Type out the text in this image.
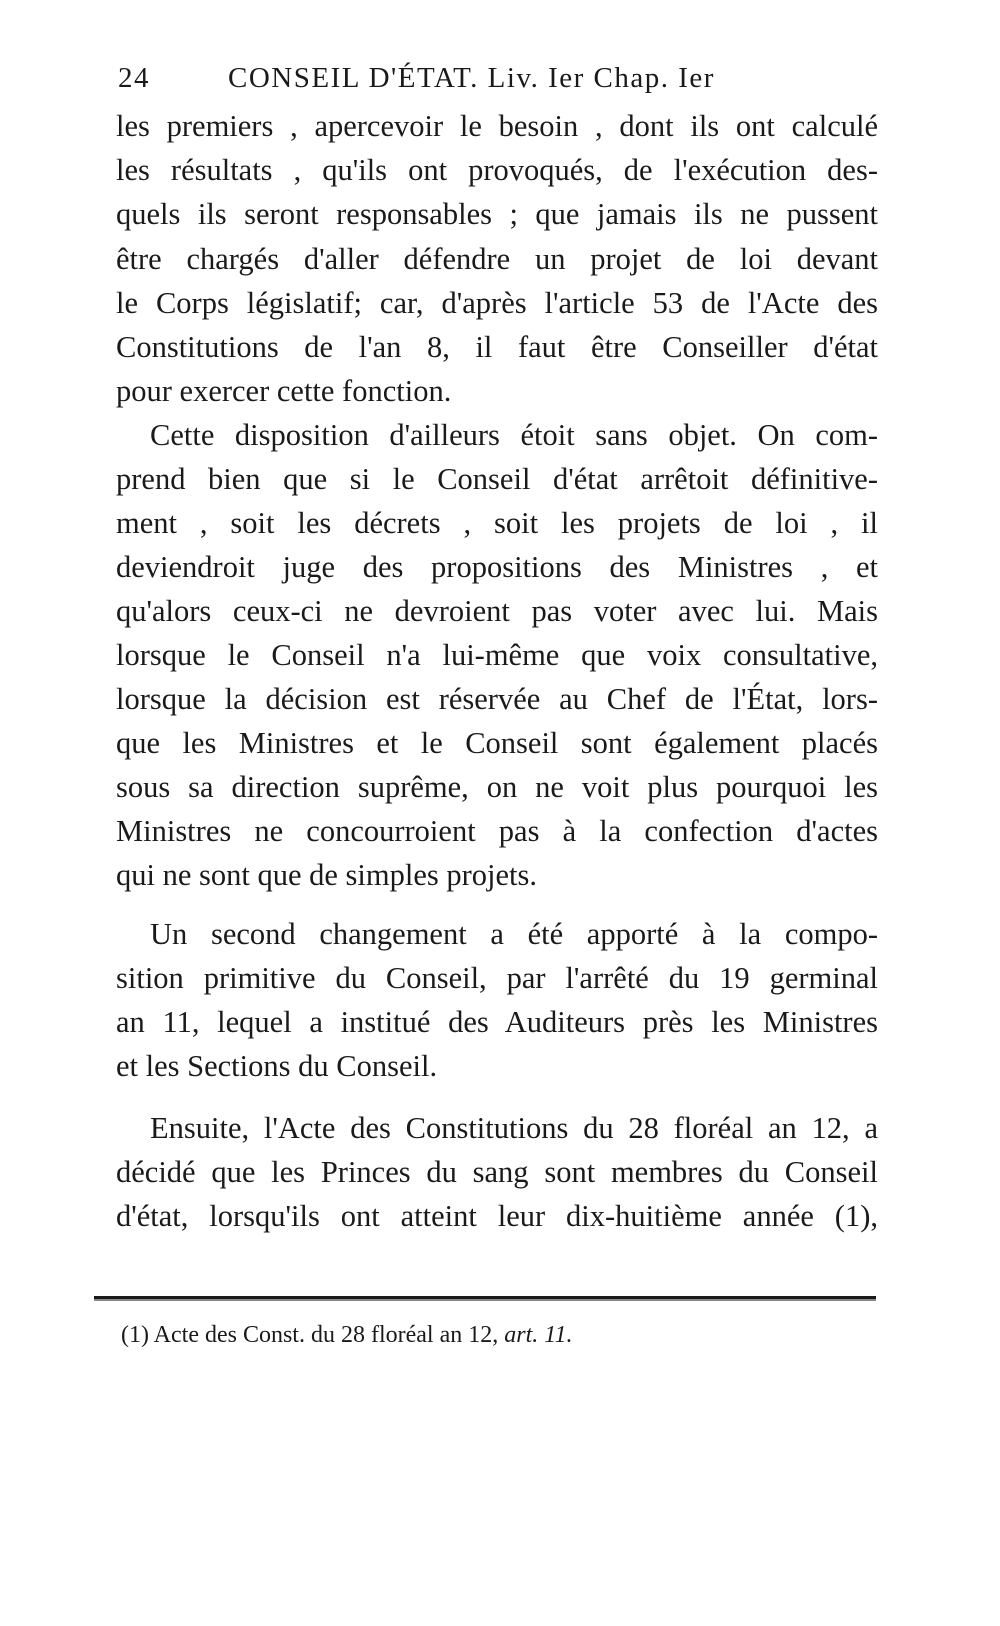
24	CONSEIL D'ÉTAT. Liv. Ier Chap. Ier
les premiers , apercevoir le besoin , dont ils ont calculé
les résultats , qu'ils ont provoqués, de l'exécution des-
quels ils seront responsables ; que jamais ils ne pussent
être chargés d'aller défendre un projet de loi devant
le Corps législatif; car, d'après l'article 53 de l'Acte des
Constitutions de l'an 8, il faut être Conseiller d'état
pour exercer cette fonction.
Cette disposition d'ailleurs étoit sans objet. On com-
prend bien que si le Conseil d'état arrêtoit définitive-
ment , soit les décrets , soit les projets de loi , il
deviendroit juge des propositions des Ministres , et
qu'alors ceux-ci ne devroient pas voter avec lui. Mais
lorsque le Conseil n'a lui-même que voix consultative,
lorsque la décision est réservée au Chef de l'État, lors-
que les Ministres et le Conseil sont également placés
sous sa direction suprême, on ne voit plus pourquoi les
Ministres ne concourroient pas à la confection d'actes
qui ne sont que de simples projets.
Un second changement a été apporté à la compo-
sition primitive du Conseil, par l'arrêté du 19 germinal
an 11, lequel a institué des Auditeurs près les Ministres
et les Sections du Conseil.
Ensuite, l'Acte des Constitutions du 28 floréal an 12, a
décidé que les Princes du sang sont membres du Conseil
d'état, lorsqu'ils ont atteint leur dix-huitième année (1),
(1) Acte des Const. du 28 floréal an 12, art. 11.
